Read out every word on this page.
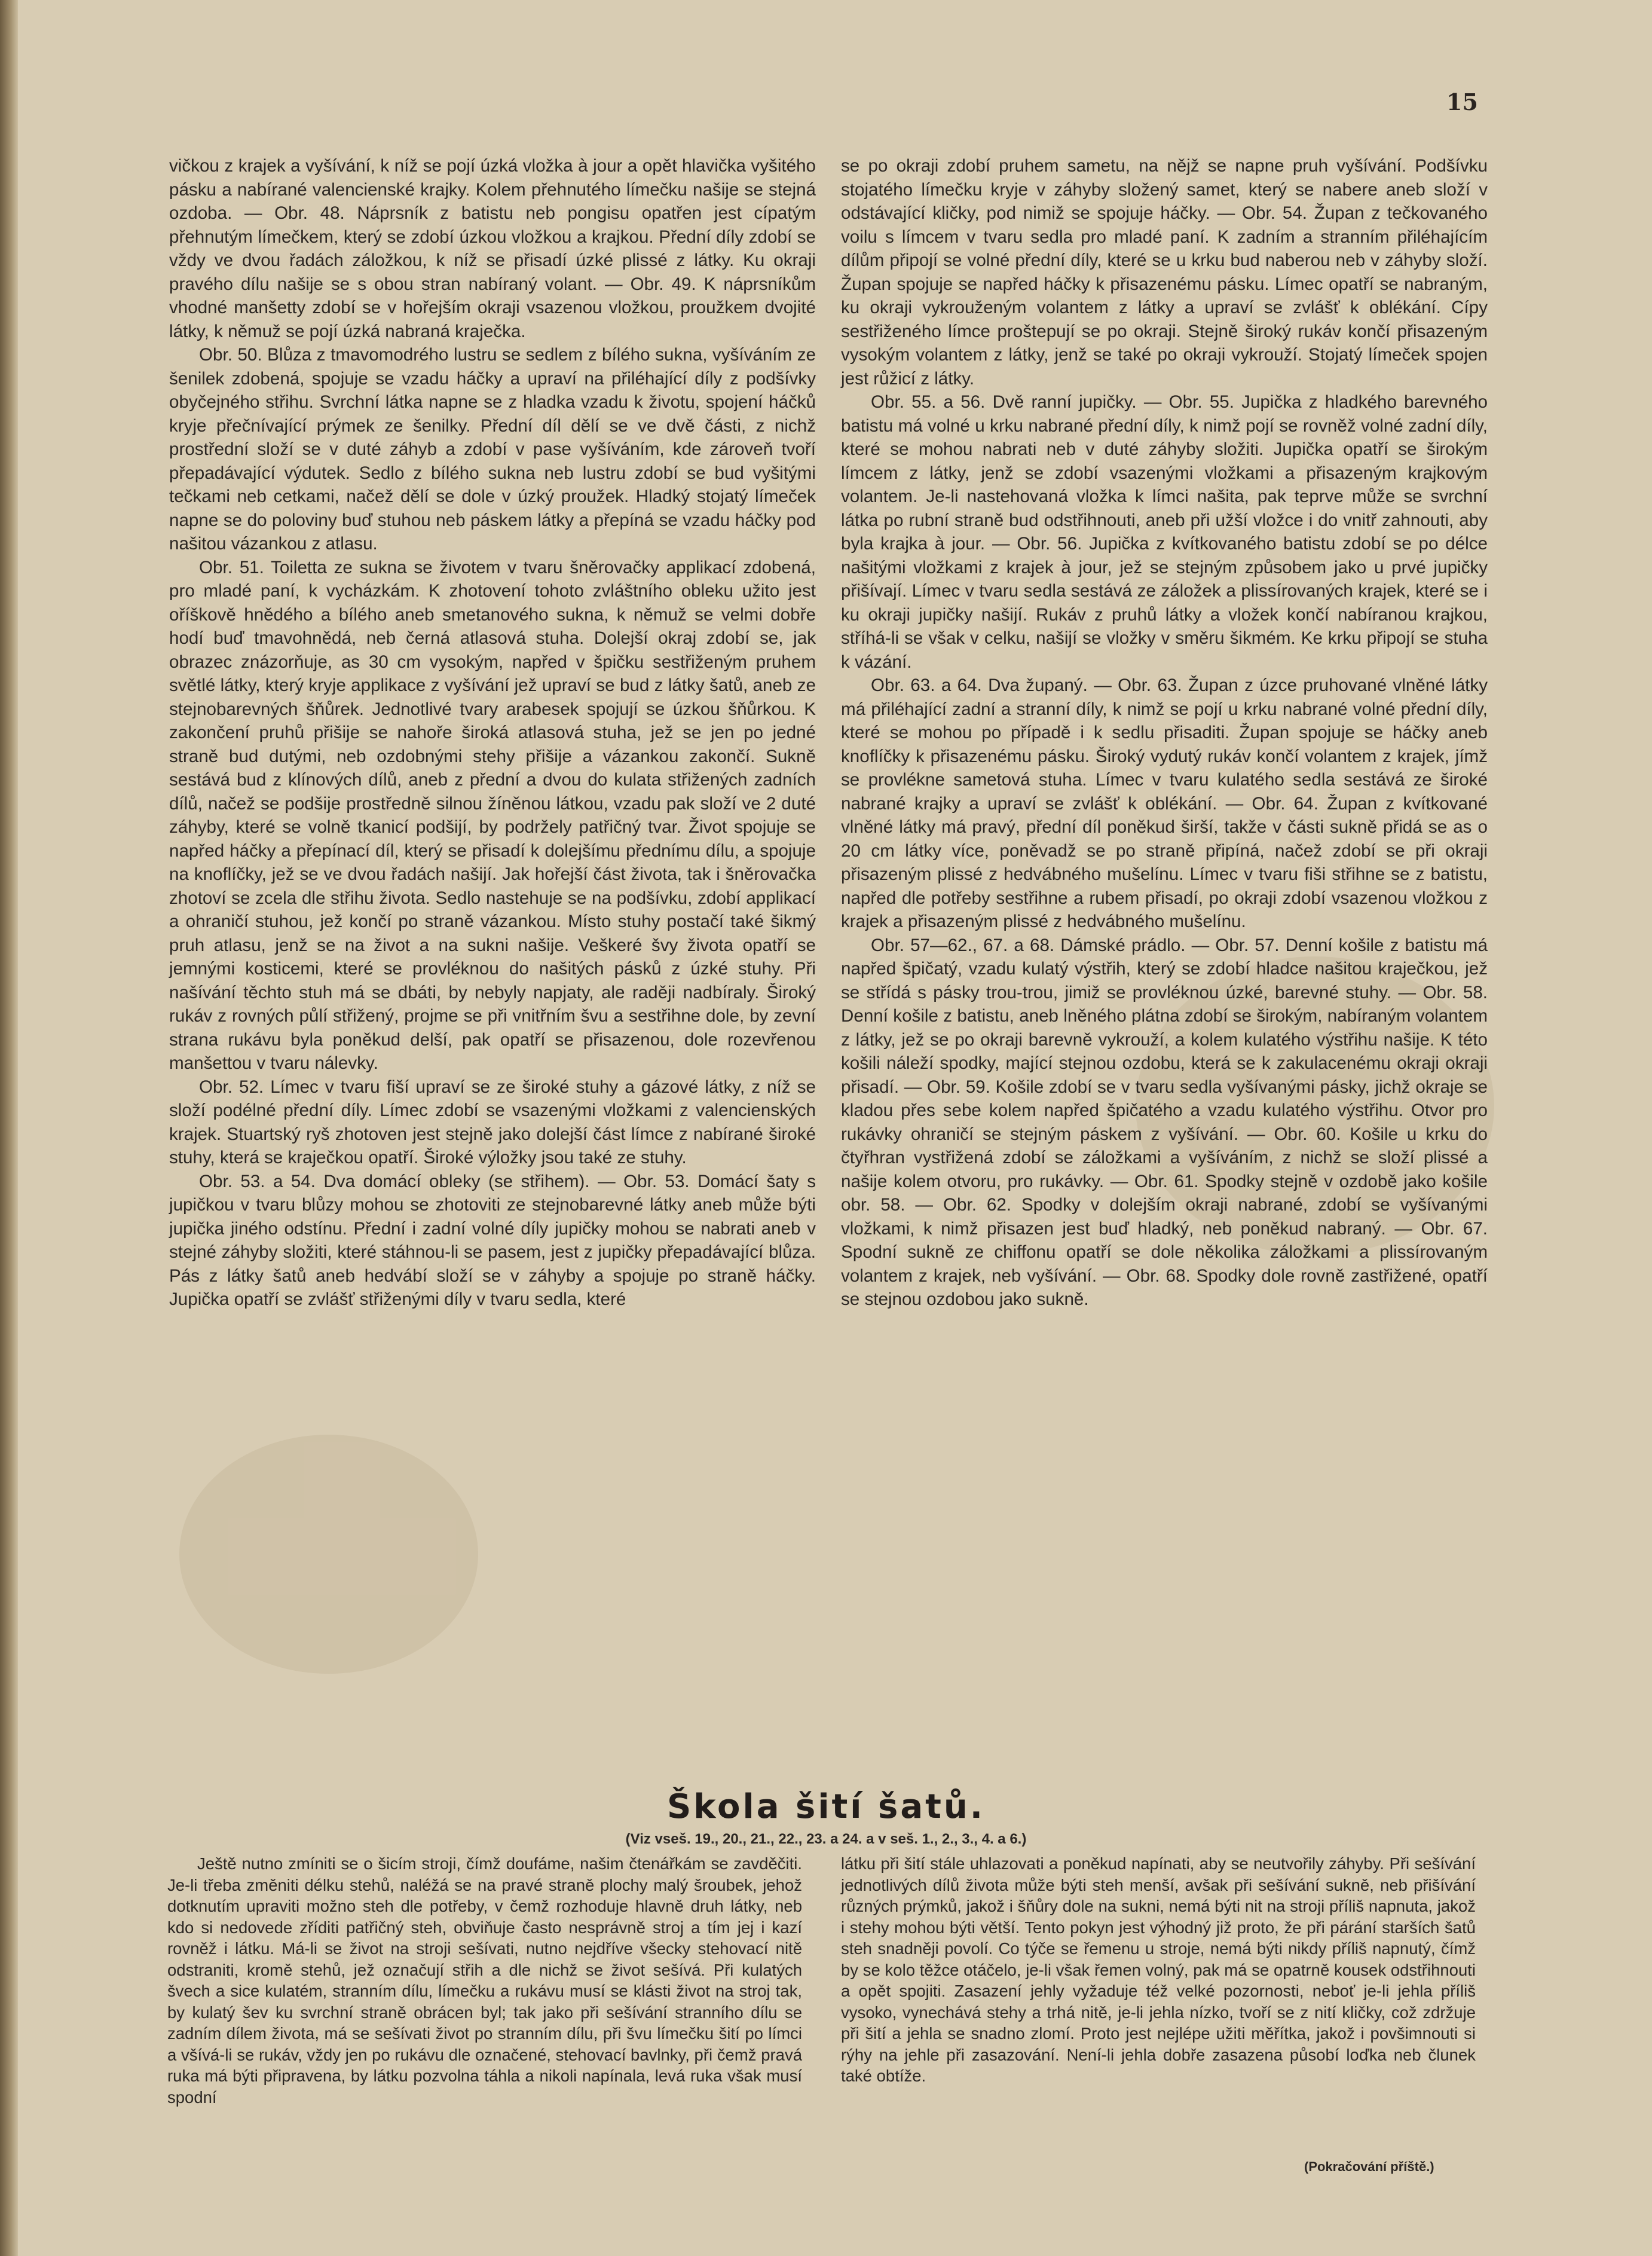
15

vičkou z krajek a vyšívání, k níž se pojí úzká vložka à jour a opět hlavička vyšitého pásku a nabírané valencienské krajky. Kolem přehnutého límečku našije se stejná ozdoba. — Obr. 48. Náprsník z batistu neb pongisu opatřen jest cípatým přehnutým límečkem, který se zdobí úzkou vložkou a krajkou. Přední díly zdobí se vždy ve dvou řadách záložkou, k níž se přisadí úzké plissé z látky. Ku okraji pravého dílu našije se s obou stran nabíraný volant. — Obr. 49. K náprsníkům vhodné manšetty zdobí se v hořejším okraji vsazenou vložkou, proužkem dvojité látky, k němuž se pojí úzká nabraná kraječka.

Obr. 50. Blůza z tmavomodrého lustru se sedlem z bílého sukna, vyšíváním ze šenilek zdobená, spojuje se vzadu háčky a upraví na přiléhající díly z podšívky obyčejného střihu. Svrchní látka napne se z hladka vzadu k životu, spojení háčků kryje přečnívající prýmek ze šenilky. Přední díl dělí se ve dvě části, z nichž prostřední složí se v duté záhyb a zdobí v pase vyšíváním, kde zároveň tvoří přepadávající výdutek. Sedlo z bílého sukna neb lustru zdobí se bud vyšitými tečkami neb cetkami, načež dělí se dole v úzký proužek. Hladký stojatý límeček napne se do poloviny buď stuhou neb páskem látky a přepíná se vzadu háčky pod našitou vázankou z atlasu.

Obr. 51. Toiletta ze sukna se životem v tvaru šněrovačky applikací zdobená, pro mladé paní, k vycházkám. K zhotovení tohoto zvláštního obleku užito jest oříškově hnědého a bílého aneb smetanového sukna, k němuž se velmi dobře hodí buď tmavohnědá, neb černá atlasová stuha. Dolejší okraj zdobí se, jak obrazec znázorňuje, as 30 cm vysokým, napřed v špičku sestřiženým pruhem světlé látky, který kryje applikace z vyšívání jež upraví se bud z látky šatů, aneb ze stejnobarevných šňůrek. Jednotlivé tvary arabesek spojují se úzkou šňůrkou. K zakončení pruhů přišije se nahoře široká atlasová stuha, jež se jen po jedné straně bud dutými, neb ozdobnými stehy přišije a vázankou zakončí. Sukně sestává bud z klínových dílů, aneb z přední a dvou do kulata střižených zadních dílů, načež se podšije prostředně silnou žíněnou látkou, vzadu pak složí ve 2 duté záhyby, které se volně tkanicí podšijí, by podržely patřičný tvar. Život spojuje se napřed háčky a přepínací díl, který se přisadí k dolejšímu přednímu dílu, a spojuje na knoflíčky, jež se ve dvou řadách našijí. Jak hořejší část života, tak i šněrovačka zhotoví se zcela dle střihu života. Sedlo nastehuje se na podšívku, zdobí applikací a ohraničí stuhou, jež končí po straně vázankou. Místo stuhy postačí také šikmý pruh atlasu, jenž se na život a na sukni našije. Veškeré švy života opatří se jemnými kosticemi, které se provléknou do našitých pásků z úzké stuhy. Při našívání těchto stuh má se dbáti, by nebyly napjaty, ale raději nadbíraly. Široký rukáv z rovných půlí střižený, projme se při vnitřním švu a sestřihne dole, by zevní strana rukávu byla poněkud delší, pak opatří se přisazenou, dole rozevřenou manšettou v tvaru nálevky.

Obr. 52. Límec v tvaru fiší upraví se ze široké stuhy a gázové látky, z níž se složí podélné přední díly. Límec zdobí se vsazenými vložkami z valencienských krajek. Stuartský ryš zhotoven jest stejně jako dolejší část límce z nabírané široké stuhy, která se kraječkou opatří. Široké výložky jsou také ze stuhy.

Obr. 53. a 54. Dva domácí obleky (se střihem). — Obr. 53. Domácí šaty s jupičkou v tvaru blůzy mohou se zhotoviti ze stejnobarevné látky aneb může býti jupička jiného odstínu. Přední i zadní volné díly jupičky mohou se nabrati aneb v stejné záhyby složiti, které stáhnou-li se pasem, jest z jupičky přepadávající blůza. Pás z látky šatů aneb hedvábí složí se v záhyby a spojuje po straně háčky. Jupička opatří se zvlášť střiženými díly v tvaru sedla, které

se po okraji zdobí pruhem sametu, na nějž se napne pruh vyšívání. Podšívku stojatého límečku kryje v záhyby složený samet, který se nabere aneb složí v odstávající kličky, pod nimiž se spojuje háčky. — Obr. 54. Župan z tečkovaného voilu s límcem v tvaru sedla pro mladé paní. K zadním a stranním přiléhajícím dílům připojí se volné přední díly, které se u krku bud naberou neb v záhyby složí. Župan spojuje se napřed háčky k přisazenému pásku. Límec opatří se nabraným, ku okraji vykrouženým volantem z látky a upraví se zvlášť k oblékání. Cípy sestřiženého límce proštepují se po okraji. Stejně široký rukáv končí přisazeným vysokým volantem z látky, jenž se také po okraji vykrouží. Stojatý límeček spojen jest růžicí z látky.

Obr. 55. a 56. Dvě ranní jupičky. — Obr. 55. Jupička z hladkého barevného batistu má volné u krku nabrané přední díly, k nimž pojí se rovněž volné zadní díly, které se mohou nabrati neb v duté záhyby složiti. Jupička opatří se širokým límcem z látky, jenž se zdobí vsazenými vložkami a přisazeným krajkovým volantem. Je-li nastehovaná vložka k límci našita, pak teprve může se svrchní látka po rubní straně bud odstřihnouti, aneb při užší vložce i do vnitř zahnouti, aby byla krajka à jour. — Obr. 56. Jupička z kvítkovaného batistu zdobí se po délce našitými vložkami z krajek à jour, jež se stejným způsobem jako u prvé jupičky přišívají. Límec v tvaru sedla sestává ze záložek a plissírovaných krajek, které se i ku okraji jupičky našijí. Rukáv z pruhů látky a vložek končí nabíranou krajkou, stříhá-li se však v celku, našijí se vložky v směru šikmém. Ke krku připojí se stuha k vázání.

Obr. 63. a 64. Dva županý. — Obr. 63. Župan z úzce pruhované vlněné látky má přiléhající zadní a stranní díly, k nimž se pojí u krku nabrané volné přední díly, které se mohou po případě i k sedlu přisaditi. Župan spojuje se háčky aneb knoflíčky k přisazenému pásku. Široký vydutý rukáv končí volantem z krajek, jímž se provlékne sametová stuha. Límec v tvaru kulatého sedla sestává ze široké nabrané krajky a upraví se zvlášť k oblékání. — Obr. 64. Župan z kvítkované vlněné látky má pravý, přední díl poněkud širší, takže v části sukně přidá se as o 20 cm látky více, poněvadž se po straně připíná, načež zdobí se při okraji přisazeným plissé z hedvábného mušelínu. Límec v tvaru fiši střihne se z batistu, napřed dle potřeby sestřihne a rubem přisadí, po okraji zdobí vsazenou vložkou z krajek a přisazeným plissé z hedvábného mušelínu.

Obr. 57—62., 67. a 68. Dámské prádlo. — Obr. 57. Denní košile z batistu má napřed špičatý, vzadu kulatý výstřih, který se zdobí hladce našitou kraječkou, jež se střídá s pásky trou-trou, jimiž se provléknou úzké, barevné stuhy. — Obr. 58. Denní košile z batistu, aneb lněného plátna zdobí se širokým, nabíraným volantem z látky, jež se po okraji barevně vykrouží, a kolem kulatého výstřihu našije. K této košili náleží spodky, mající stejnou ozdobu, která se k zakulacenému okraji okraji přisadí. — Obr. 59. Košile zdobí se v tvaru sedla vyšívanými pásky, jichž okraje se kladou přes sebe kolem napřed špičatého a vzadu kulatého výstřihu. Otvor pro rukávky ohraničí se stejným páskem z vyšívání. — Obr. 60. Košile u krku do čtyřhran vystřižená zdobí se záložkami a vyšíváním, z nichž se složí plissé a našije kolem otvoru, pro rukávky. — Obr. 61. Spodky stejně v ozdobě jako košile obr. 58. — Obr. 62. Spodky v dolejším okraji nabrané, zdobí se vyšívanými vložkami, k nimž přisazen jest buď hladký, neb poněkud nabraný. — Obr. 67. Spodní sukně ze chiffonu opatří se dole několika záložkami a plissírovaným volantem z krajek, neb vyšívání. — Obr. 68. Spodky dole rovně zastřižené, opatří se stejnou ozdobou jako sukně.

Škola šití šatů.
(Viz vseš. 19., 20., 21., 22., 23. a 24. a v seš. 1., 2., 3., 4. a 6.)

Ještě nutno zmíniti se o šicím stroji, čímž doufáme, našim čtenářkám se zavděčiti. Je-li třeba změniti délku stehů, naléžá se na pravé straně plochy malý šroubek, jehož dotknutím upraviti možno steh dle potřeby, v čemž rozhoduje hlavně druh látky, neb kdo si nedovede zříditi patřičný steh, obviňuje často nesprávně stroj a tím jej i kazí rovněž i látku. Má-li se život na stroji sešívati, nutno nejdříve všecky stehovací nitě odstraniti, kromě stehů, jež označují střih a dle nichž se život sešívá. Při kulatých švech a sice kulatém, stranním dílu, límečku a rukávu musí se klásti život na stroj tak, by kulatý šev ku svrchní straně obrácen byl; tak jako při sešívání stranního dílu se zadním dílem života, má se sešívati život po stranním dílu, při švu límečku šití po límci a všívá-li se rukáv, vždy jen po rukávu dle označené, stehovací bavlnky, při čemž pravá ruka má býti připravena, by látku pozvolna táhla a nikoli napínala, levá ruka však musí spodní

látku při šití stále uhlazovati a poněkud napínati, aby se neutvořily záhyby. Při sešívání jednotlivých dílů života může býti steh menší, avšak při sešívání sukně, neb přišívání různých prýmků, jakož i šňůry dole na sukni, nemá býti nit na stroji příliš napnuta, jakož i stehy mohou býti větší. Tento pokyn jest výhodný již proto, že při párání starších šatů steh snadněji povolí. Co týče se řemenu u stroje, nemá býti nikdy příliš napnutý, čímž by se kolo těžce otáčelo, je-li však řemen volný, pak má se opatrně kousek odstřihnouti a opět spojiti. Zasazení jehly vyžaduje též velké pozornosti, neboť je-li jehla příliš vysoko, vynechává stehy a trhá nitě, je-li jehla nízko, tvoří se z nití kličky, což zdržuje při šití a jehla se snadno zlomí. Proto jest nejlépe užiti měřítka, jakož i povšimnouti si rýhy na jehle při zasazování. Není-li jehla dobře zasazena působí loďka neb člunek také obtíže.

(Pokračování příště.)
